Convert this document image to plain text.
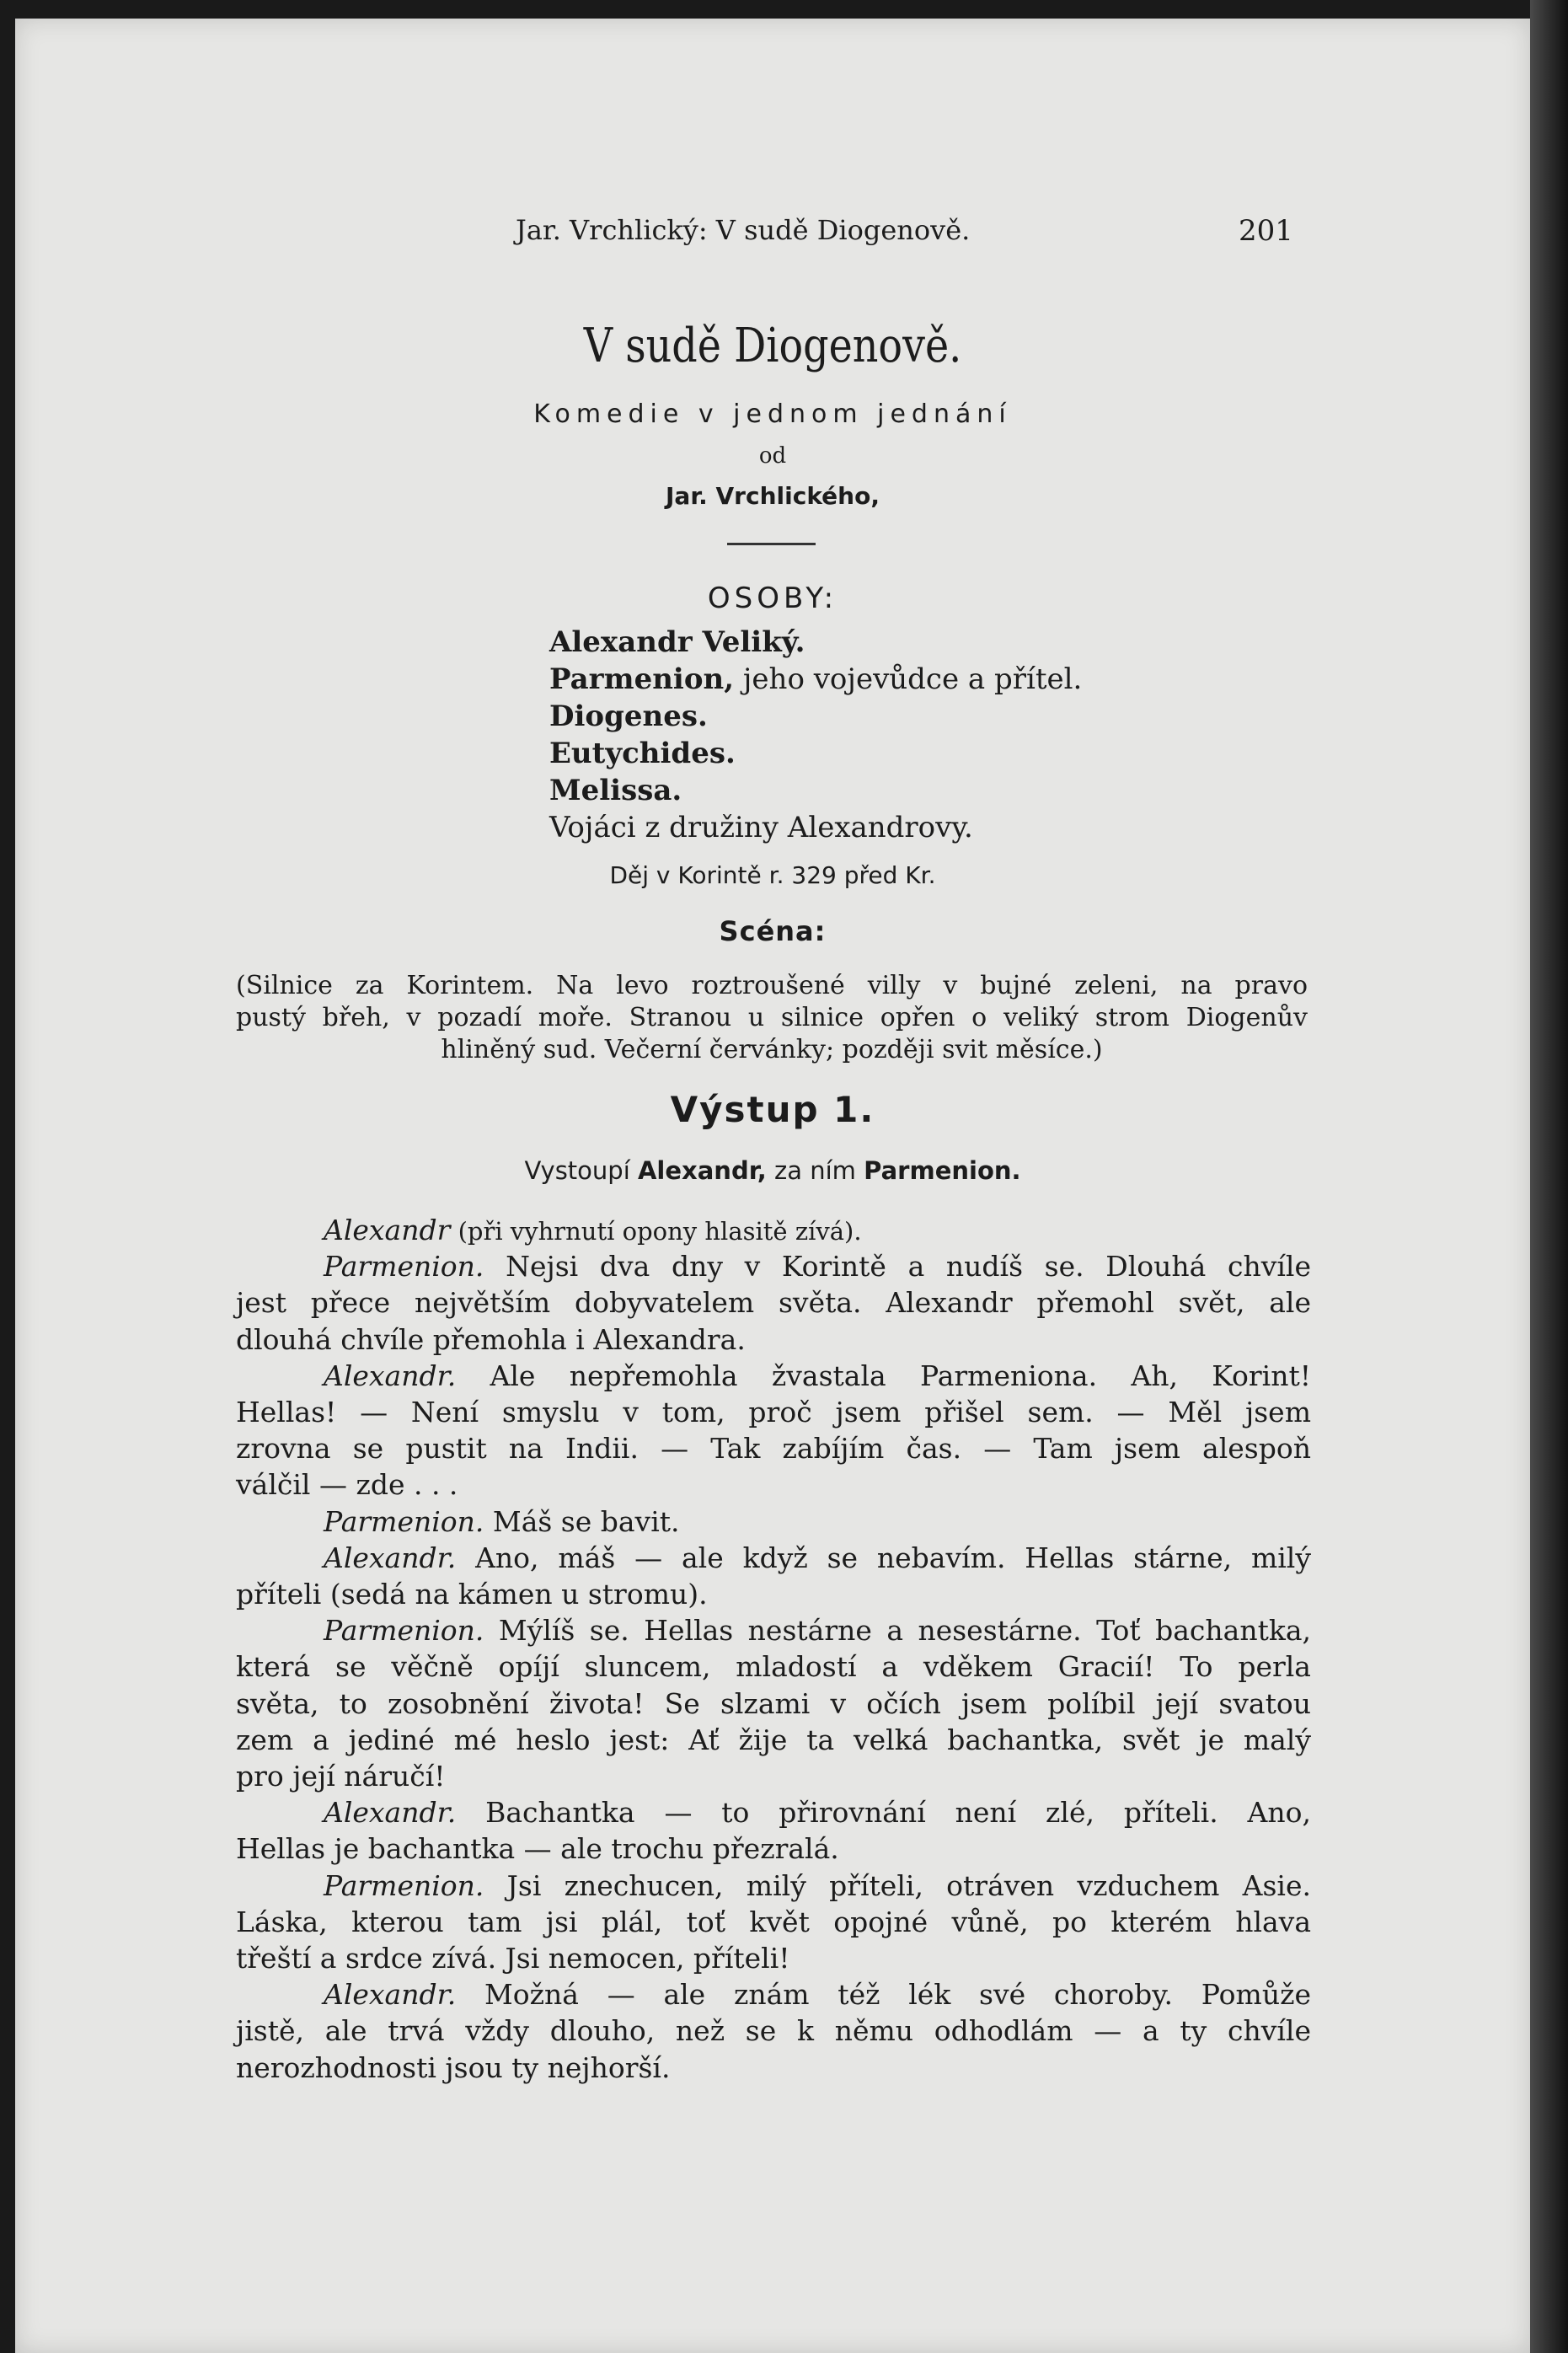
Jar. Vrchlický: V sudě Diogenově.	201
V sudě Diogenově.
Komedie v jednom jednání
od
Jar. Vrchlického,
OSOBY:
Alexandr Veliký.
Parmenion, jeho vojevůdce a přítel.
Diogenes.
Eutychides.
Melissa.
Vojáci z družiny Alexandrovy.
Děj v Korintě r. 329 před Kr.
Scéna:
(Silnice za Korintem. Na levo roztroušené villy v bujné zeleni, na pravo
pustý břeh, v pozadí moře. Stranou u silnice opřen o veliký strom Diogenův
hliněný sud. Večerní červánky; později svit měsíce.)
Výstup 1.
Vystoupí Alexandr, za ním Parmenion.
Alexandr (při vyhrnutí opony hlasitě zívá).
Parmenion. Nejsi dva dny v Korintě a nudíš se. Dlouhá chvíle
jest přece největším dobyvatelem světa. Alexandr přemohl svět, ale
dlouhá chvíle přemohla i Alexandra.
Alexandr. Ale nepřemohla žvastala Parmeniona. Ah, Korint!
Hellas! — Není smyslu v tom, proč jsem přišel sem. — Měl jsem
zrovna se pustit na Indii. — Tak zabíjím čas. — Tam jsem alespoň
válčil — zde . . .
Parmenion. Máš se bavit.
Alexandr. Ano, máš — ale když se nebavím. Hellas stárne, milý
příteli (sedá na kámen u stromu).
Parmenion. Mýlíš se. Hellas nestárne a nesestárne. Toť bachantka,
která se věčně opíjí sluncem, mladostí a vděkem Gracií! To perla
světa, to zosobnění života! Se slzami v očích jsem políbil její svatou
zem a jediné mé heslo jest: Ať žije ta velká bachantka, svět je malý
pro její náručí!
Alexandr. Bachantka — to přirovnání není zlé, příteli. Ano,
Hellas je bachantka — ale trochu přezralá.
Parmenion. Jsi znechucen, milý příteli, otráven vzduchem Asie.
Láska, kterou tam jsi plál, toť květ opojné vůně, po kterém hlava
třeští a srdce zívá. Jsi nemocen, příteli!
Alexandr. Možná — ale znám též lék své choroby. Pomůže
jistě, ale trvá vždy dlouho, než se k němu odhodlám — a ty chvíle
nerozhodnosti jsou ty nejhorší.
